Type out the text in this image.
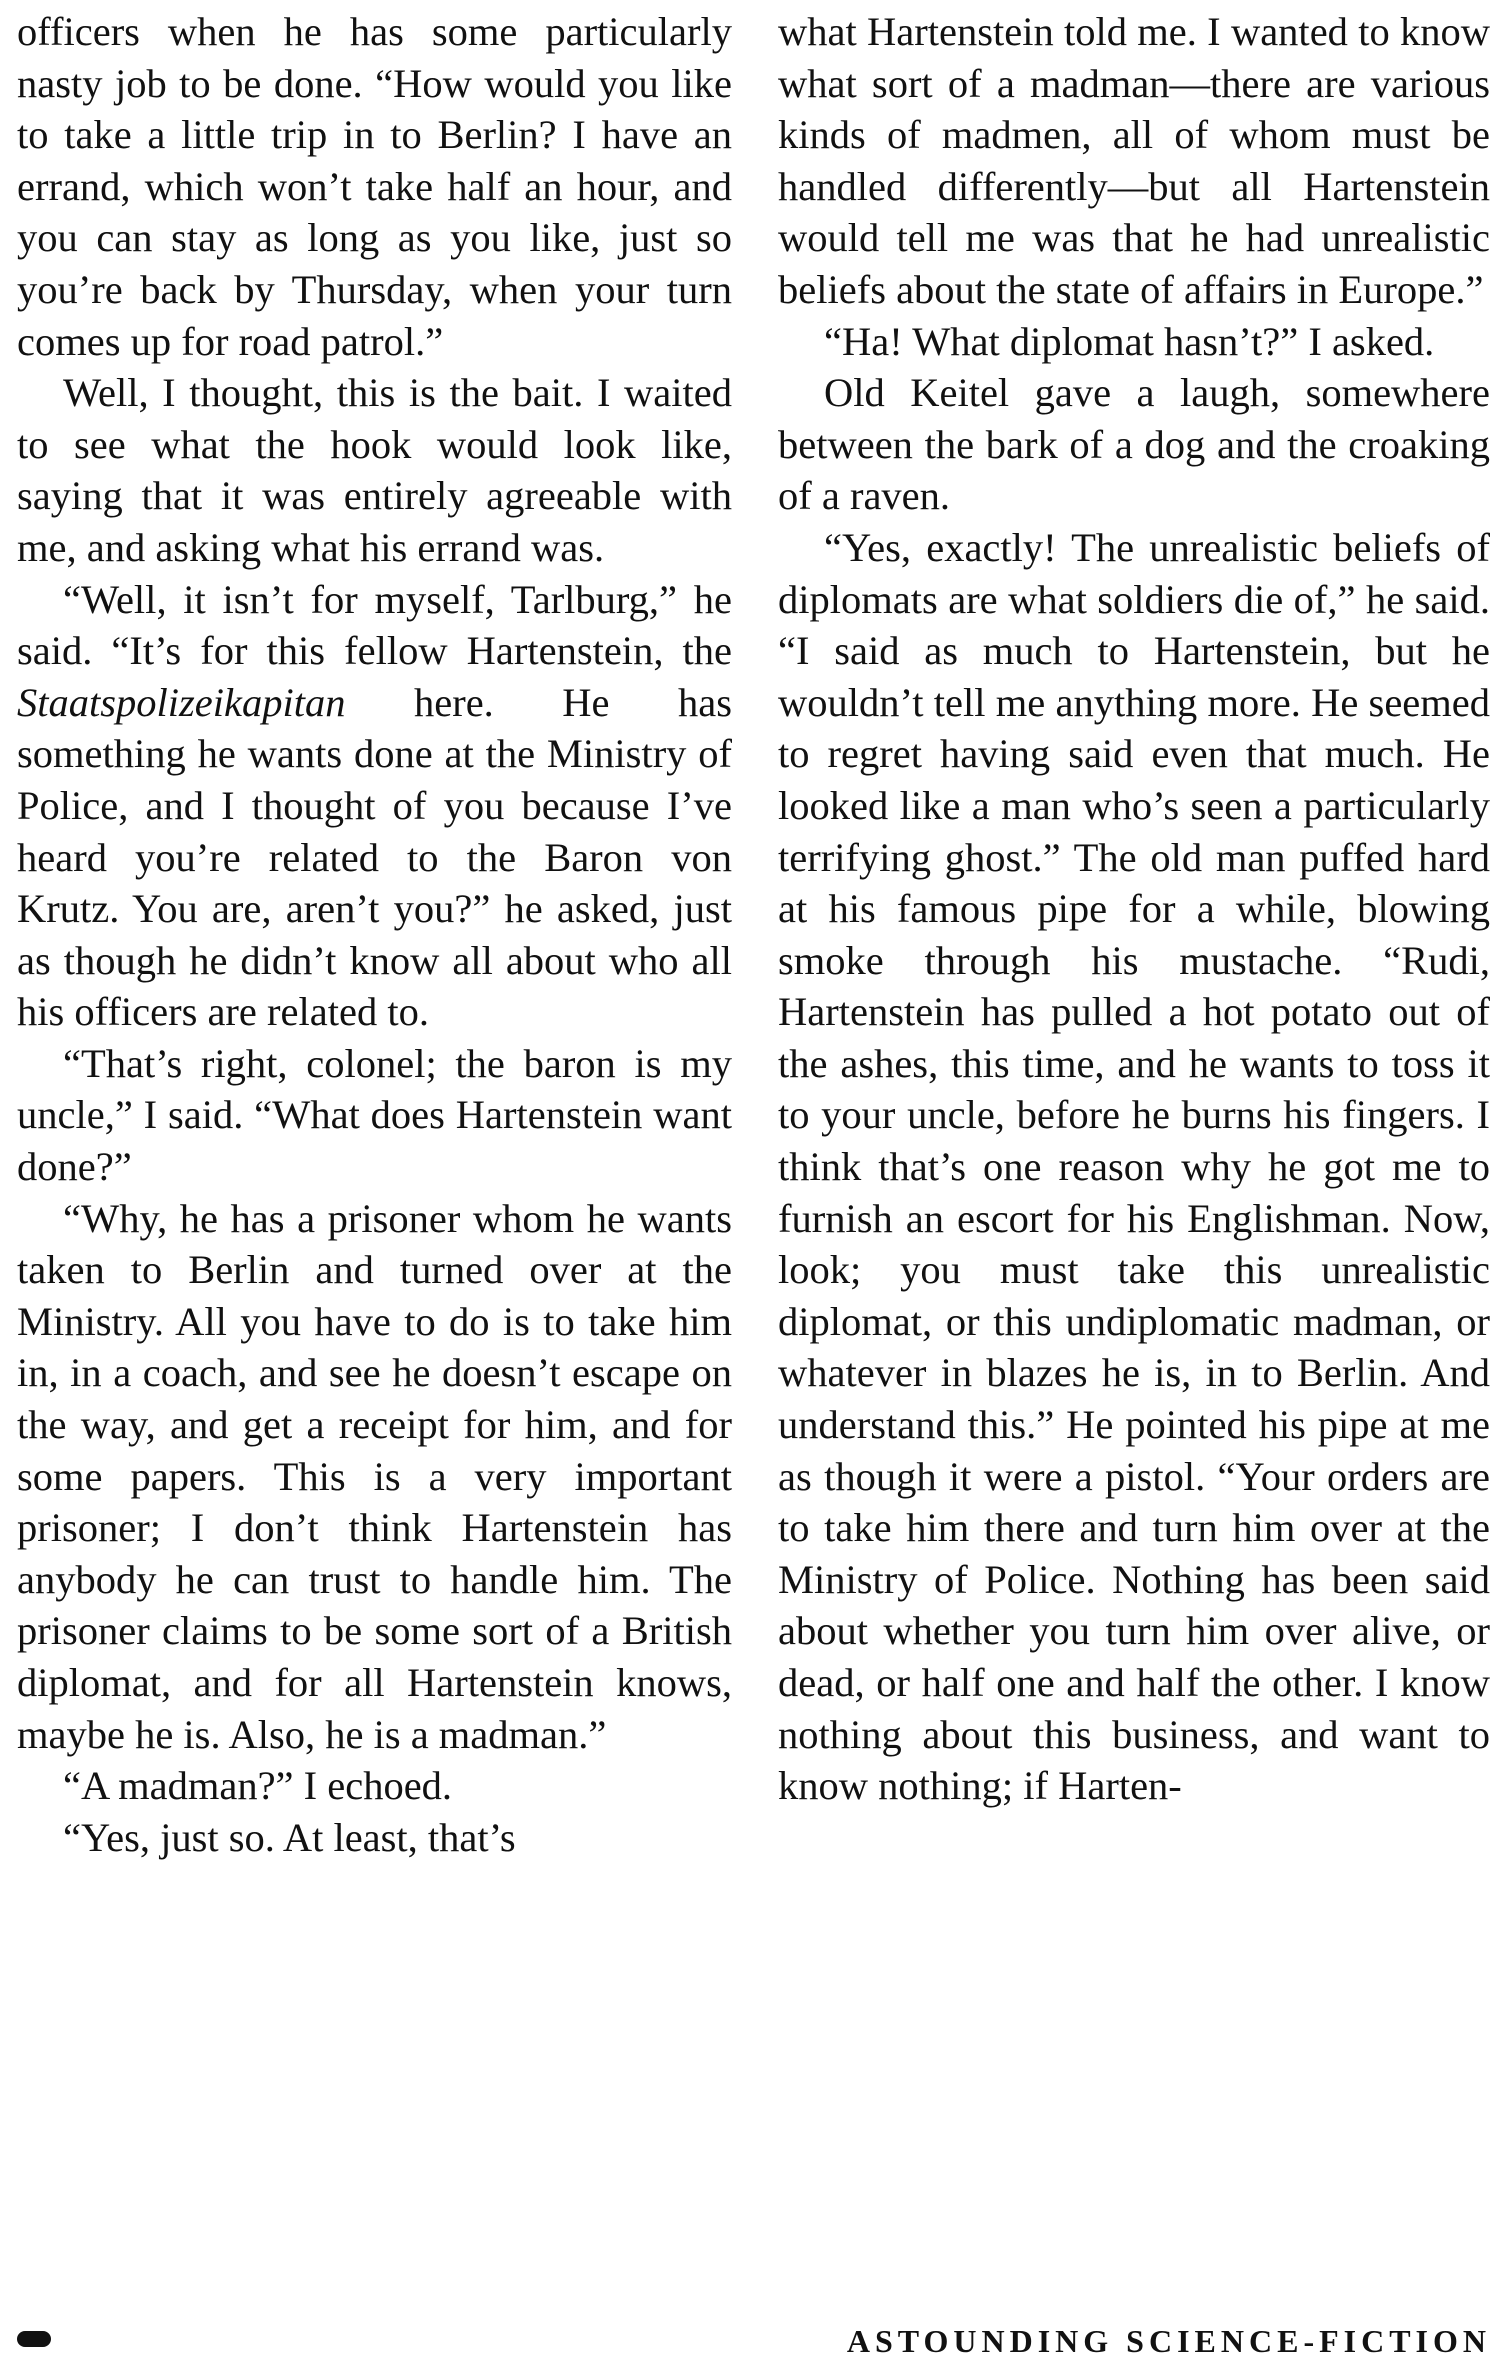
officers when he has some particularly nasty job to be done. “How would you like to take a little trip in to Berlin? I have an errand, which won’t take half an hour, and you can stay as long as you like, just so you’re back by Thursday, when your turn comes up for road patrol.”

Well, I thought, this is the bait. I waited to see what the hook would look like, saying that it was entirely agreeable with me, and asking what his errand was.

“Well, it isn’t for myself, Tarlburg,” he said. “It’s for this fellow Hartenstein, the Staatspolizeikapitan here. He has something he wants done at the Ministry of Police, and I thought of you because I’ve heard you’re related to the Baron von Krutz. You are, aren’t you?” he asked, just as though he didn’t know all about who all his officers are related to.

“That’s right, colonel; the baron is my uncle,” I said. “What does Hartenstein want done?”

“Why, he has a prisoner whom he wants taken to Berlin and turned over at the Ministry. All you have to do is to take him in, in a coach, and see he doesn’t escape on the way, and get a receipt for him, and for some papers. This is a very important prisoner; I don’t think Hartenstein has anybody he can trust to handle him. The prisoner claims to be some sort of a British diplomat, and for all Hartenstein knows, maybe he is. Also, he is a madman.”

“A madman?” I echoed.

“Yes, just so. At least, that’s

what Hartenstein told me. I wanted to know what sort of a madman—there are various kinds of madmen, all of whom must be handled differently—but all Hartenstein would tell me was that he had unrealistic beliefs about the state of affairs in Europe.”

“Ha! What diplomat hasn’t?” I asked.

Old Keitel gave a laugh, somewhere between the bark of a dog and the croaking of a raven.

“Yes, exactly! The unrealistic beliefs of diplomats are what soldiers die of,” he said. “I said as much to Hartenstein, but he wouldn’t tell me anything more. He seemed to regret having said even that much. He looked like a man who’s seen a particularly terrifying ghost.” The old man puffed hard at his famous pipe for a while, blowing smoke through his mustache. “Rudi, Hartenstein has pulled a hot potato out of the ashes, this time, and he wants to toss it to your uncle, before he burns his fingers. I think that’s one reason why he got me to furnish an escort for his Englishman. Now, look; you must take this unrealistic diplomat, or this undiplomatic madman, or whatever in blazes he is, in to Berlin. And understand this.” He pointed his pipe at me as though it were a pistol. “Your orders are to take him there and turn him over at the Ministry of Police. Nothing has been said about whether you turn him over alive, or dead, or half one and half the other. I know nothing about this business, and want to know nothing; if Harten-

ASTOUNDING SCIENCE-FICTION
